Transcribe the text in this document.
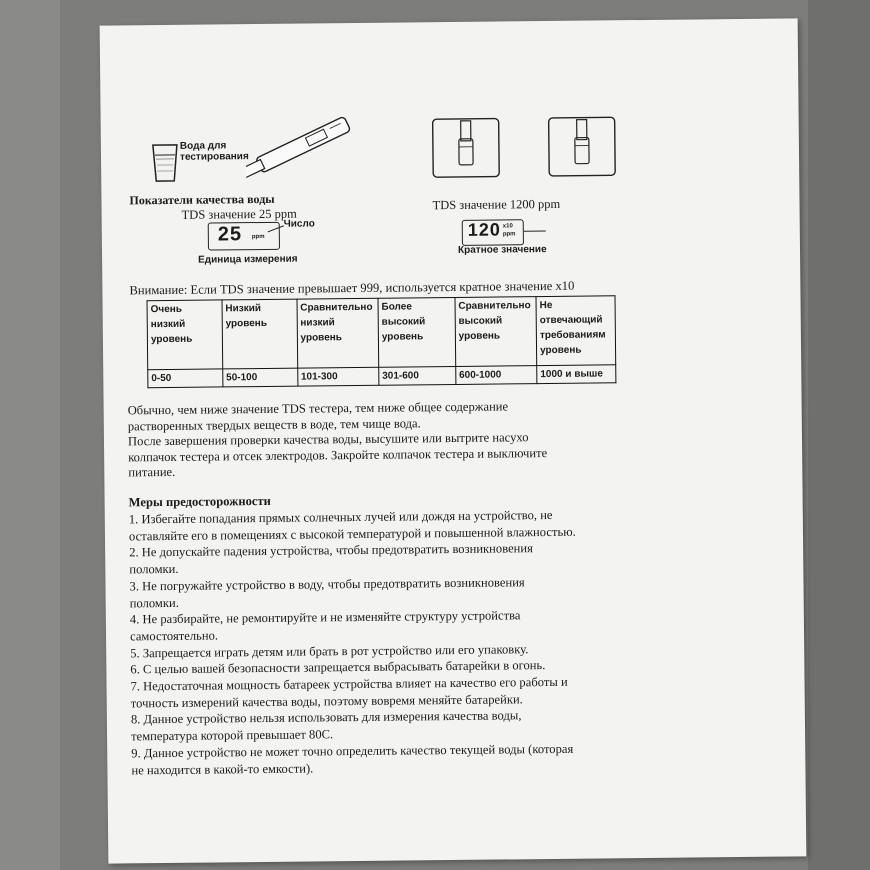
Вода для
тестирования
Показатели качества воды
TDS значение 25 ppm
25 ppm
Число
Единица измерения
TDS значение 1200 ppm
120 x10
ppm
Кратное значение
Внимание: Если TDS значение превышает 999, используется кратное значение x10
Очень низкий уровень	Низкий уровень	Сравнительно низкий уровень	Более высокий уровень	Сравнительно высокий уровень	Не отвечающий требованиям уровень
0-50	50-100	101-300	301-600	600-1000	1000 и выше
Обычно, чем ниже значение TDS тестера, тем ниже общее содержание
растворенных твердых веществ в воде, тем чище вода.
После завершения проверки качества воды, высушите или вытрите насухо
колпачок тестера и отсек электродов. Закройте колпачок тестера и выключите
питание.
Меры предосторожности
1. Избегайте попадания прямых солнечных лучей или дождя на устройство, не
оставляйте его в помещениях с высокой температурой и повышенной влажностью.
2. Не допускайте падения устройства, чтобы предотвратить возникновения
поломки.
3. Не погружайте устройство в воду, чтобы предотвратить возникновения
поломки.
4. Не разбирайте, не ремонтируйте и не изменяйте структуру устройства
самостоятельно.
5. Запрещается играть детям или брать в рот устройство или его упаковку.
6. С целью вашей безопасности запрещается выбрасывать батарейки в огонь.
7. Недостаточная мощность батареек устройства влияет на качество его работы и
точность измерений качества воды, поэтому вовремя меняйте батарейки.
8. Данное устройство нельзя использовать для измерения качества воды,
температура которой превышает 80С.
9. Данное устройство не может точно определить качество текущей воды (которая
не находится в какой-то емкости).
